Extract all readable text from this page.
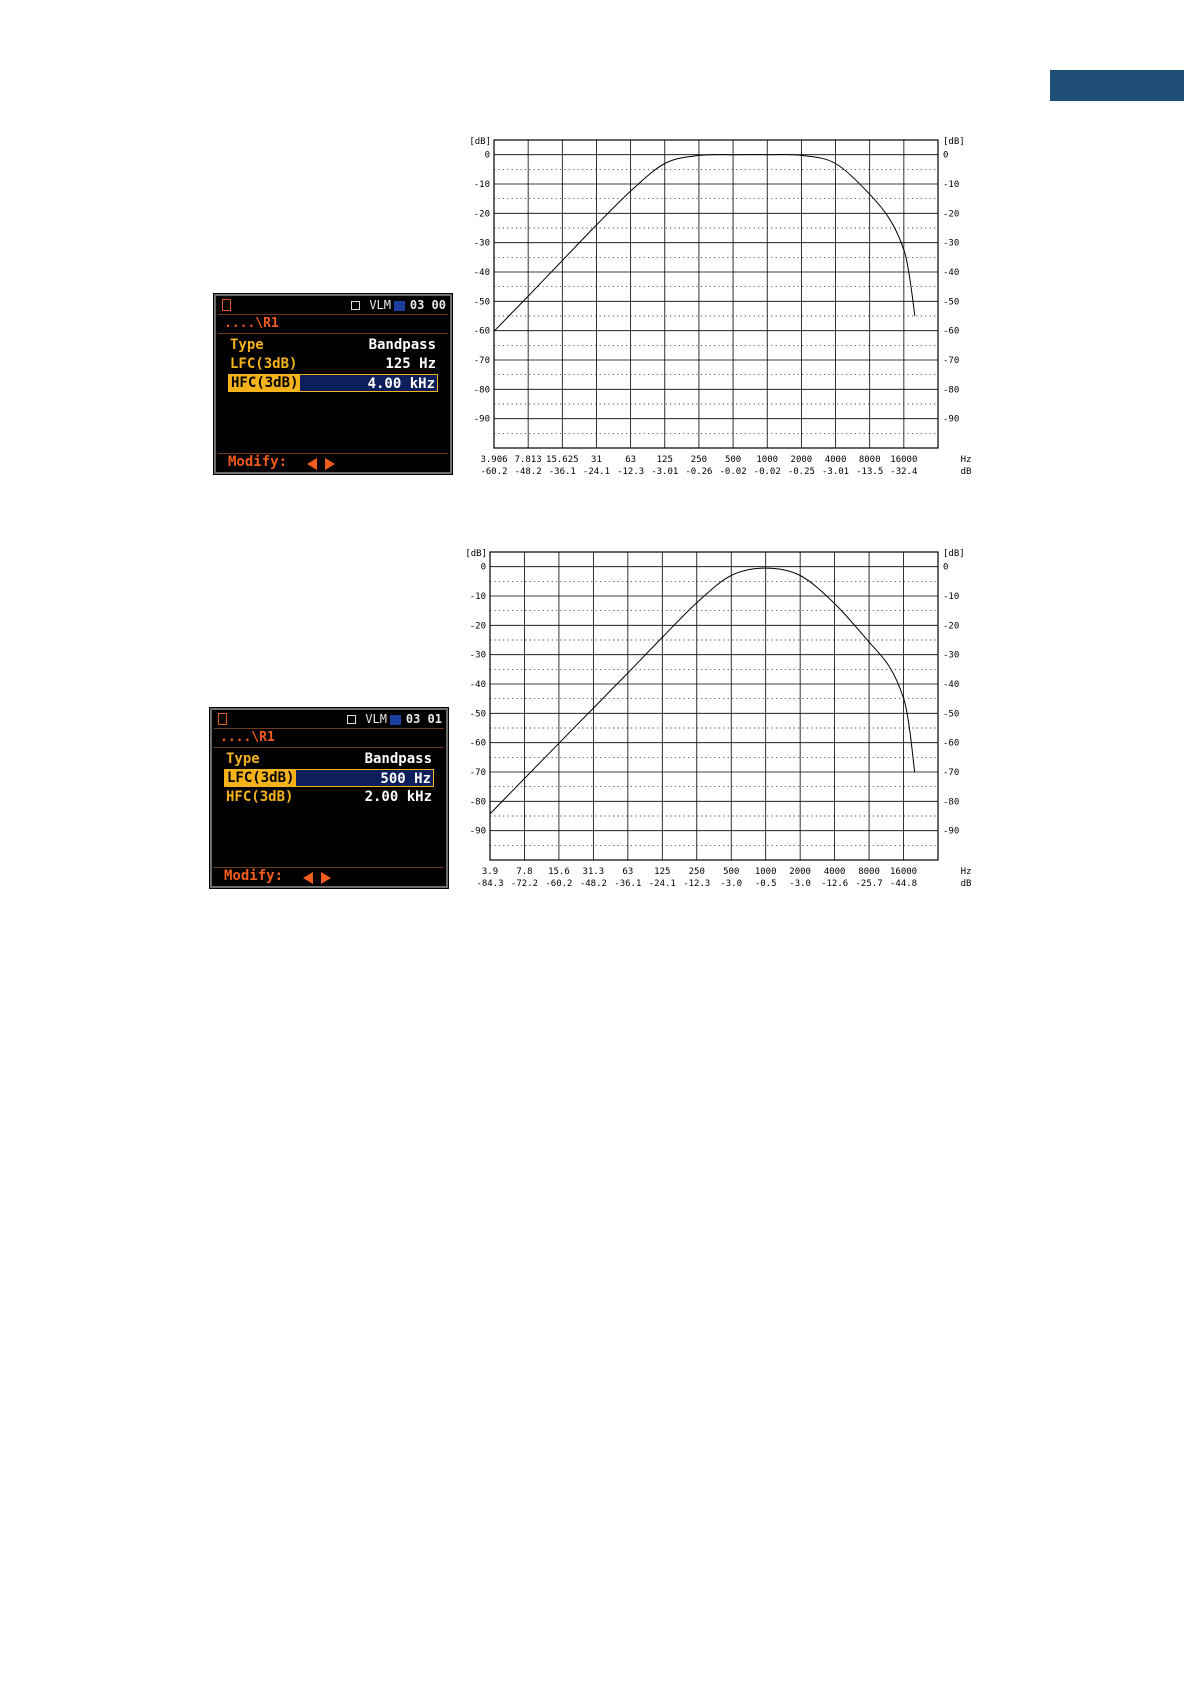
VLM 03 00
....\R1
Type	Bandpass
LFC(3dB)	125 Hz
HFC(3dB)	4.00 kHz
Modify:
VLM 03 01
....\R1
Type	Bandpass
LFC(3dB)	500 Hz
HFC(3dB)	2.00 kHz
Modify:
[dB]	[dB]
0	0
-10	-10
-20	-20
-30	-30
-40	-40
-50	-50
-60	-60
-70	-70
-80	-80
-90	-90
3.906 7.813 15.625 31	63 125 250 500 1000 2000 4000 8000 16000
-60.2 -48.2 -36.1 -24.1 -12.3 -3.01 -0.26 -0.02 -0.02 -0.25 -3.01 -13.5 -32.4
Hz
dB
[dB]	[dB]
0	0
-10	-10
-20	-20
-30	-30
-40	-40
-50	-50
-60	-60
-70	-70
-80	-80
-90	-90
3.9 7.8 15.6 31.3 63 125 250 500 1000 2000 4000 8000 16000
-84.3 -72.2 -60.2 -48.2 -36.1 -24.1 -12.3 -3.0 -0.5 -3.0 -12.6 -25.7 -44.8
Hz
dB
